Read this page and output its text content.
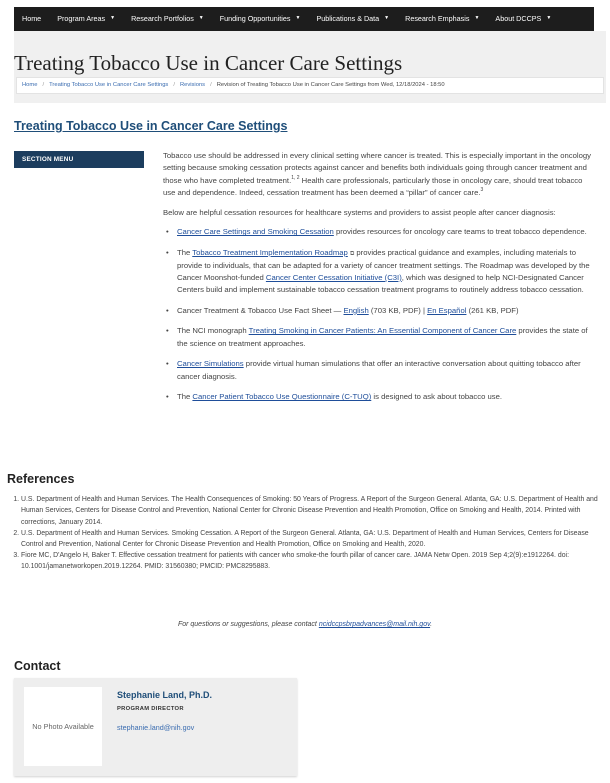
Home Program Areas ▼ Research Portfolios ▼ Funding Opportunities ▼ Publications & Data ▼ Research Emphasis ▼ About DCCPS ▼
Treating Tobacco Use in Cancer Care Settings
Home / Treating Tobacco Use in Cancer Care Settings / Revisions / Revision of Treating Tobacco Use in Cancer Care Settings from Wed, 12/18/2024 - 18:50
Treating Tobacco Use in Cancer Care Settings
SECTION MENU	Tobacco use should be addressed in every clinical setting where cancer is treated. This is especially important in the oncology setting because smoking cessation protects against cancer and benefits both individuals going through cancer treatment and those who have completed treatment.$^{1, 2}$ Health care professionals, particularly those in oncology care, should treat tobacco use and dependence. Indeed, cessation treatment has been deemed a “pillar” of cancer care.$^3$

Below are helpful cessation resources for healthcare systems and providers to assist people after cancer diagnosis:

• Cancer Care Settings and Smoking Cessation provides resources for oncology care teams to treat tobacco dependence.
• The Tobacco Treatment Implementation Roadmap ⧉ provides practical guidance and examples, including materials to provide to individuals, that can be adapted for a variety of cancer treatment settings. The Roadmap was developed by the Cancer Moonshot-funded Cancer Center Cessation Initiative (C3I), which was designed to help NCI-Designated Cancer Centers build and implement sustainable tobacco cessation treatment programs to routinely address tobacco cessation.
• Cancer Treatment & Tobacco Use Fact Sheet — English (703 KB, PDF) | En Español (261 KB, PDF)
• The NCI monograph Treating Smoking in Cancer Patients: An Essential Component of Cancer Care provides the state of the science on treatment approaches.
• Cancer Simulations provide virtual human simulations that offer an interactive conversation about quitting tobacco after cancer diagnosis.
• The Cancer Patient Tobacco Use Questionnaire (C-TUQ) is designed to ask about tobacco use.
References
1. U.S. Department of Health and Human Services. The Health Consequences of Smoking: 50 Years of Progress. A Report of the Surgeon General. Atlanta, GA: U.S. Department of Health and Human Services, Centers for Disease Control and Prevention, National Center for Chronic Disease Prevention and Health Promotion, Office on Smoking and Health, 2014. Printed with corrections, January 2014.
2. U.S. Department of Health and Human Services. Smoking Cessation. A Report of the Surgeon General. Atlanta, GA: U.S. Department of Health and Human Services, Centers for Disease Control and Prevention, National Center for Chronic Disease Prevention and Health Promotion, Office on Smoking and Health, 2020.
3. Fiore MC, D'Angelo H, Baker T. Effective cessation treatment for patients with cancer who smoke-the fourth pillar of cancer care. JAMA Netw Open. 2019 Sep 4;2(9):e1912264. doi: 10.1001/jamanetworkopen.2019.12264. PMID: 31560380; PMCID: PMC8295883.
For questions or suggestions, please contact ncidccpsbrpadvances@mail.nih.gov.
Contact
No Photo Available
Stephanie Land, Ph.D.
PROGRAM DIRECTOR
stephanie.land@nih.gov
